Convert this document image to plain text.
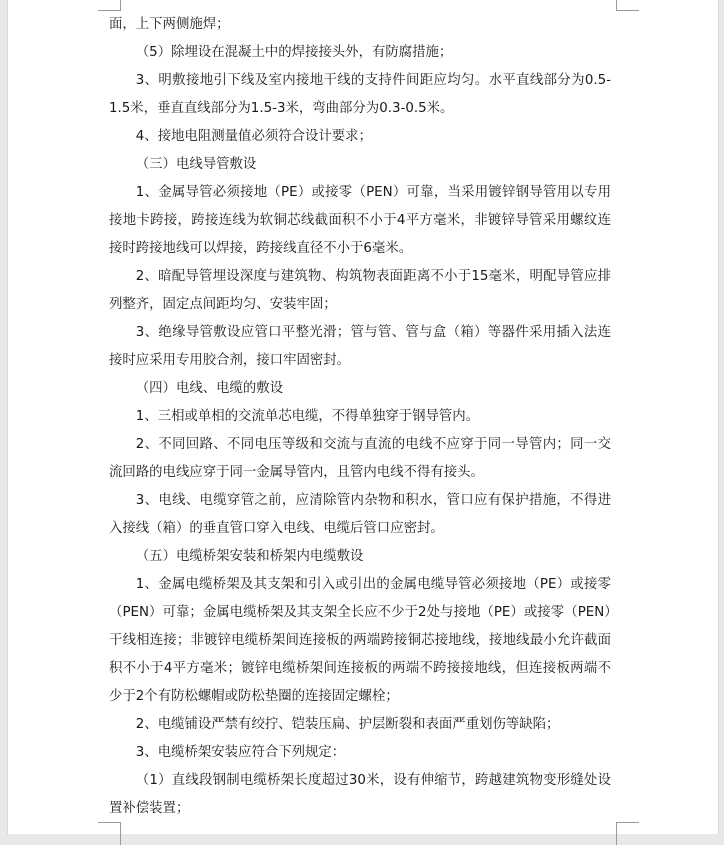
面，上下两侧施焊；

（5）除埋设在混凝土中的焊接接头外，有防腐措施；

3、明敷接地引下线及室内接地干线的支持件间距应均匀。水平直线部分为0.5-1.5米，垂直直线部分为1.5-3米，弯曲部分为0.3-0.5米。

4、接地电阻测量值必须符合设计要求；

（三）电线导管敷设

1、金属导管必须接地（PE）或接零（PEN）可靠，当采用镀锌钢导管用以专用接地卡跨接，跨接连线为软铜芯线截面积不小于4平方毫米，非镀锌导管采用螺纹连接时跨接地线可以焊接，跨接线直径不小于6毫米。

2、暗配导管埋设深度与建筑物、构筑物表面距离不小于15毫米，明配导管应排列整齐，固定点间距均匀、安装牢固；

3、绝缘导管敷设应管口平整光滑；管与管、管与盒（箱）等器件采用插入法连接时应采用专用胶合剂，接口牢固密封。

（四）电线、电缆的敷设

1、三相或单相的交流单芯电缆，不得单独穿于钢导管内。

2、不同回路、不同电压等级和交流与直流的电线不应穿于同一导管内；同一交流回路的电线应穿于同一金属导管内，且管内电线不得有接头。

3、电线、电缆穿管之前，应清除管内杂物和积水，管口应有保护措施，不得进入接线（箱）的垂直管口穿入电线、电缆后管口应密封。

（五）电缆桥架安装和桥架内电缆敷设

1、金属电缆桥架及其支架和引入或引出的金属电缆导管必须接地（PE）或接零（PEN）可靠；金属电缆桥架及其支架全长应不少于2处与接地（PE）或接零（PEN）干线相连接；非镀锌电缆桥架间连接板的两端跨接铜芯接地线，接地线最小允许截面积不小于4平方毫米；镀锌电缆桥架间连接板的两端不跨接接地线，但连接板两端不少于2个有防松螺帽或防松垫圈的连接固定螺栓；

2、电缆铺设严禁有绞拧、铠装压扁、护层断裂和表面严重划伤等缺陷；

3、电缆桥架安装应符合下列规定：

（1）直线段钢制电缆桥架长度超过30米，设有伸缩节，跨越建筑物变形缝处设置补偿装置；
